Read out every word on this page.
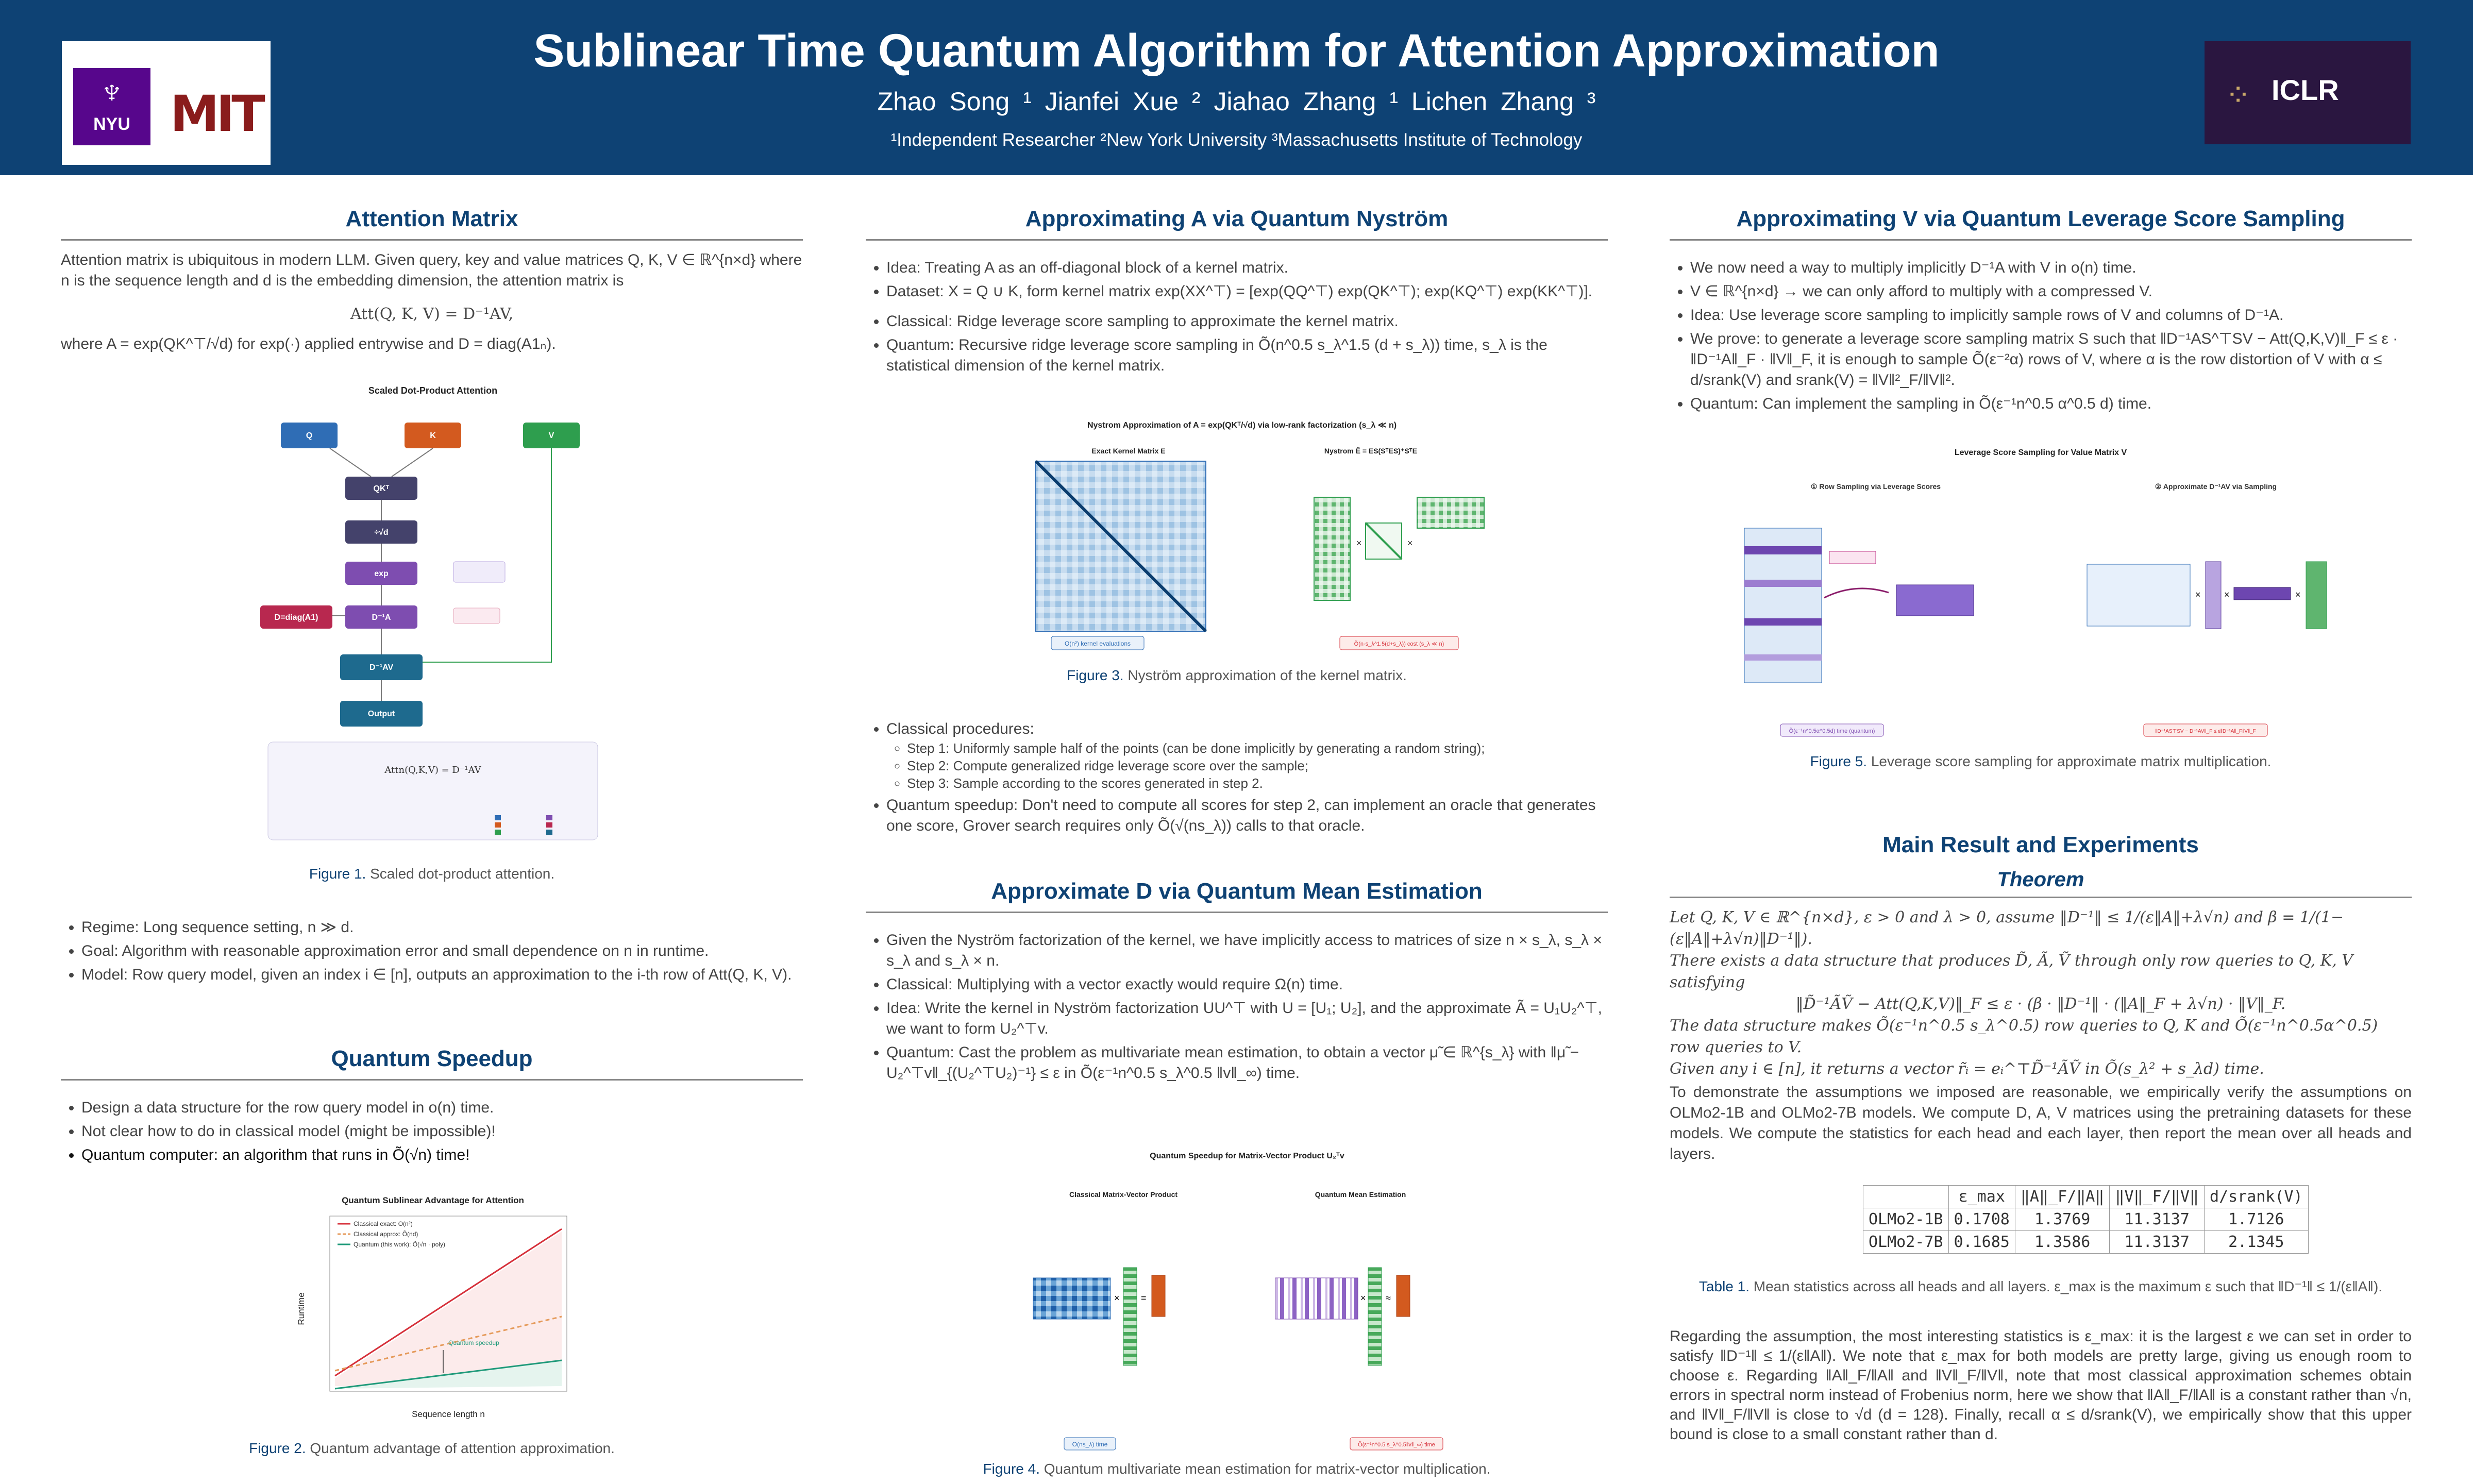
♆
NYU MIT
Sublinear Time Quantum Algorithm for Attention Approximation
Zhao Song ¹ Jianfei Xue ² Jiahao Zhang ¹ Lichen Zhang ³
¹Independent Researcher ²New York University ³Massachusetts Institute of Technology
⁘ ICLR
Attention Matrix
Attention matrix is ubiquitous in modern LLM. Given query, key and value matrices Q, K, V ∈ ℝ^{n×d} where n is the sequence length and d is the embedding dimension, the attention matrix is
Att(Q, K, V) = D⁻¹AV,
where A = exp(QK^⊤/√d) for exp(·) applied entrywise and D = diag(A1ₙ).
Scaled Dot-Product Attention
Q	K	V
QKᵀ
÷√d
exp
D⁻¹A
D=diag(A1)
D⁻¹AV
Output
Attn(Q,K,V) = D⁻¹AV
Figure 1. Scaled dot-product attention.
• Regime: Long sequence setting, n ≫ d.
• Goal: Algorithm with reasonable approximation error and small dependence on n in runtime.
• Model: Row query model, given an index i ∈ [n], outputs an approximation to the i-th row of Att(Q, K, V).
Quantum Speedup
• Design a data structure for the row query model in o(n) time.
• Not clear how to do in classical model (might be impossible)!
• Quantum computer: an algorithm that runs in Õ(√n) time!
Quantum Sublinear Advantage for Attention
Quantum speedup
Classical exact: O(n²)
Classical approx: Õ(nd)
Quantum (this work): Õ(√n · poly)
Sequence length n
Runtime
Figure 2. Quantum advantage of attention approximation.
Approximating A via Quantum Nyström
• Idea: Treating A as an off-diagonal block of a kernel matrix.
• Dataset: X = Q ∪ K, form kernel matrix exp(XX^⊤) = [exp(QQ^⊤) exp(QK^⊤); exp(KQ^⊤) exp(KK^⊤)].
• Classical: Ridge leverage score sampling to approximate the kernel matrix.
• Quantum: Recursive ridge leverage score sampling in Õ(n^0.5 s_λ^1.5 (d + s_λ)) time, s_λ is the statistical dimension of the kernel matrix.
Nystrom Approximation of A = exp(QKᵀ/√d) via low-rank factorization (s_λ ≪ n)
Exact Kernel Matrix E	Nystrom Ẽ = ES(SᵀES)⁺SᵀE
×	×
O(n²) kernel evaluations	Õ(n·s_λ^1.5(d+s_λ)) cost (s_λ ≪ n)
Figure 3. Nyström approximation of the kernel matrix.
• Classical procedures:
◦ Step 1: Uniformly sample half of the points (can be done implicitly by generating a random string);
◦ Step 2: Compute generalized ridge leverage score over the sample;
◦ Step 3: Sample according to the scores generated in step 2.
• Quantum speedup: Don't need to compute all scores for step 2, can implement an oracle that generates one score, Grover search requires only Õ(√(ns_λ)) calls to that oracle.
Approximate D via Quantum Mean Estimation
• Given the Nyström factorization of the kernel, we have implicitly access to matrices of size n × s_λ, s_λ × s_λ and s_λ × n.
• Classical: Multiplying with a vector exactly would require Ω(n) time.
• Idea: Write the kernel in Nyström factorization UU^⊤ with U = [U₁; U₂], and the approximate Ã = U₁U₂^⊤, we want to form U₂^⊤v.
• Quantum: Cast the problem as multivariate mean estimation, to obtain a vector μ̃ ∈ ℝ^{s_λ} with ‖μ̃ − U₂^⊤v‖_{(U₂^⊤U₂)⁻¹} ≤ ε in Õ(ε⁻¹n^0.5 s_λ^0.5 ‖v‖_∞) time.
Quantum Speedup for Matrix-Vector Product U₂ᵀv
Classical Matrix-Vector Product	Quantum Mean Estimation
× =	× ≈
O(ns_λ) time	Õ(ε⁻¹n^0.5 s_λ^0.5‖v‖_∞) time
Figure 4. Quantum multivariate mean estimation for matrix-vector multiplication.
Approximating V via Quantum Leverage Score Sampling
• We now need a way to multiply implicitly D⁻¹A with V in o(n) time.
• V ∈ ℝ^{n×d} → we can only afford to multiply with a compressed V.
• Idea: Use leverage score sampling to implicitly sample rows of V and columns of D⁻¹A.
• We prove: to generate a leverage score sampling matrix S such that ‖D⁻¹AS^⊤SV − Att(Q,K,V)‖_F ≤ ε · ‖D⁻¹A‖_F · ‖V‖_F, it is enough to sample Õ(ε⁻²α) rows of V, where α is the row distortion of V with α ≤ d/srank(V) and srank(V) = ‖V‖²_F/‖V‖².
• Quantum: Can implement the sampling in Õ(ε⁻¹n^0.5 α^0.5 d) time.
Leverage Score Sampling for Value Matrix V
① Row Sampling via Leverage Scores	② Approximate D⁻¹AV via Sampling
×	×	×
Õ(ε⁻¹n^0.5α^0.5d) time (quantum)	‖D⁻¹AS⊤SV − D⁻¹AV‖_F ≤ ε‖D⁻¹A‖_F‖V‖_F
Figure 5. Leverage score sampling for approximate matrix multiplication.
Main Result and Experiments
Theorem
Let Q, K, V ∈ ℝ^{n×d}, ε > 0 and λ > 0, assume ‖D⁻¹‖ ≤ 1/(ε‖A‖+λ√n) and β = 1/(1−(ε‖A‖+λ√n)‖D⁻¹‖).
There exists a data structure that produces D̃, Ã, Ṽ through only row queries to Q, K, V satisfying
‖D̃⁻¹ÃṼ − Att(Q,K,V)‖_F ≤ ε · (β · ‖D⁻¹‖ · (‖A‖_F + λ√n) · ‖V‖_F.
The data structure makes Õ(ε⁻¹n^0.5 s_λ^0.5) row queries to Q, K and Õ(ε⁻¹n^0.5α^0.5) row queries to V.
Given any i ∈ [n], it returns a vector r̃ᵢ = eᵢ^⊤D̃⁻¹ÃṼ in Õ(s_λ² + s_λd) time.
To demonstrate the assumptions we imposed are reasonable, we empirically verify the assumptions on OLMo2-1B and OLMo2-7B models. We compute D, A, V matrices using the pretraining datasets for these models. We compute the statistics for each head and each layer, then report the mean over all heads and layers.
	ε_max	‖A‖_F/‖A‖	‖V‖_F/‖V‖	d/srank(V)
OLMo2-1B	0.1708	1.3769	11.3137	1.7126
OLMo2-7B	0.1685	1.3586	11.3137	2.1345
Table 1. Mean statistics across all heads and all layers. ε_max is the maximum ε such that ‖D⁻¹‖ ≤ 1/(ε‖A‖).
Regarding the assumption, the most interesting statistics is ε_max: it is the largest ε we can set in order to satisfy ‖D⁻¹‖ ≤ 1/(ε‖A‖). We note that ε_max for both models are pretty large, giving us enough room to choose ε. Regarding ‖A‖_F/‖A‖ and ‖V‖_F/‖V‖, note that most classical approximation schemes obtain errors in spectral norm instead of Frobenius norm, here we show that ‖A‖_F/‖A‖ is a constant rather than √n, and ‖V‖_F/‖V‖ is close to √d (d = 128). Finally, recall α ≤ d/srank(V), we empirically show that this upper bound is close to a small constant rather than d.
